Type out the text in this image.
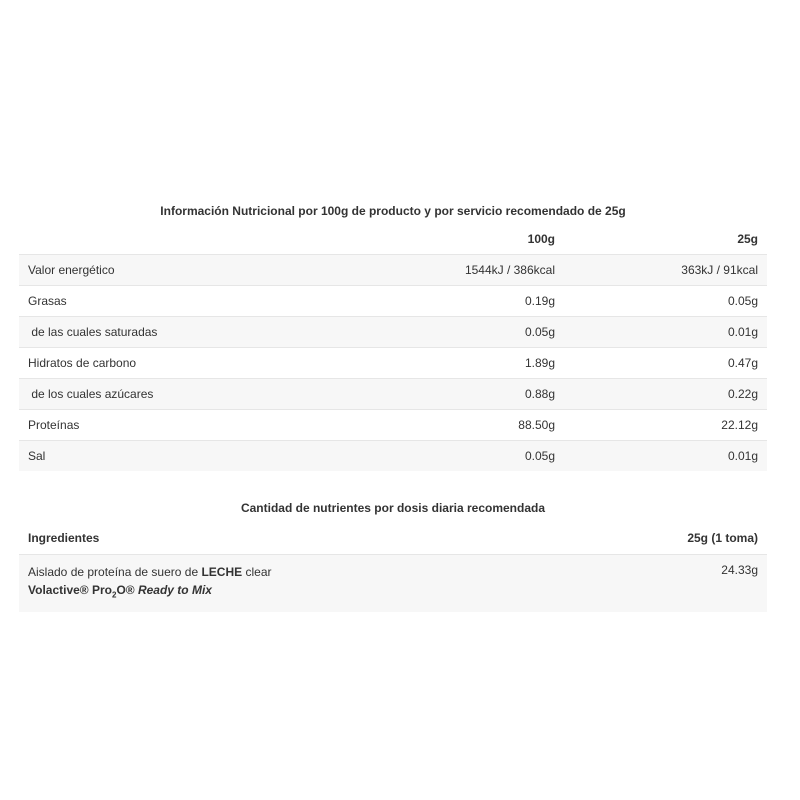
Información Nutricional por 100g de producto y por servicio recomendado de 25g
	100g	25g
Valor energético	1544kJ / 386kcal	363kJ / 91kcal
Grasas	0.19g	0.05g
de las cuales saturadas	0.05g	0.01g
Hidratos de carbono	1.89g	0.47g
de los cuales azúcares	0.88g	0.22g
Proteínas	88.50g	22.12g
Sal	0.05g	0.01g
Cantidad de nutrientes por dosis diaria recomendada
Ingredientes	25g (1 toma)

Aislado de proteína de suero de LECHE clear
Volactive® Pro$_2$O® Ready to Mix	24.33g
